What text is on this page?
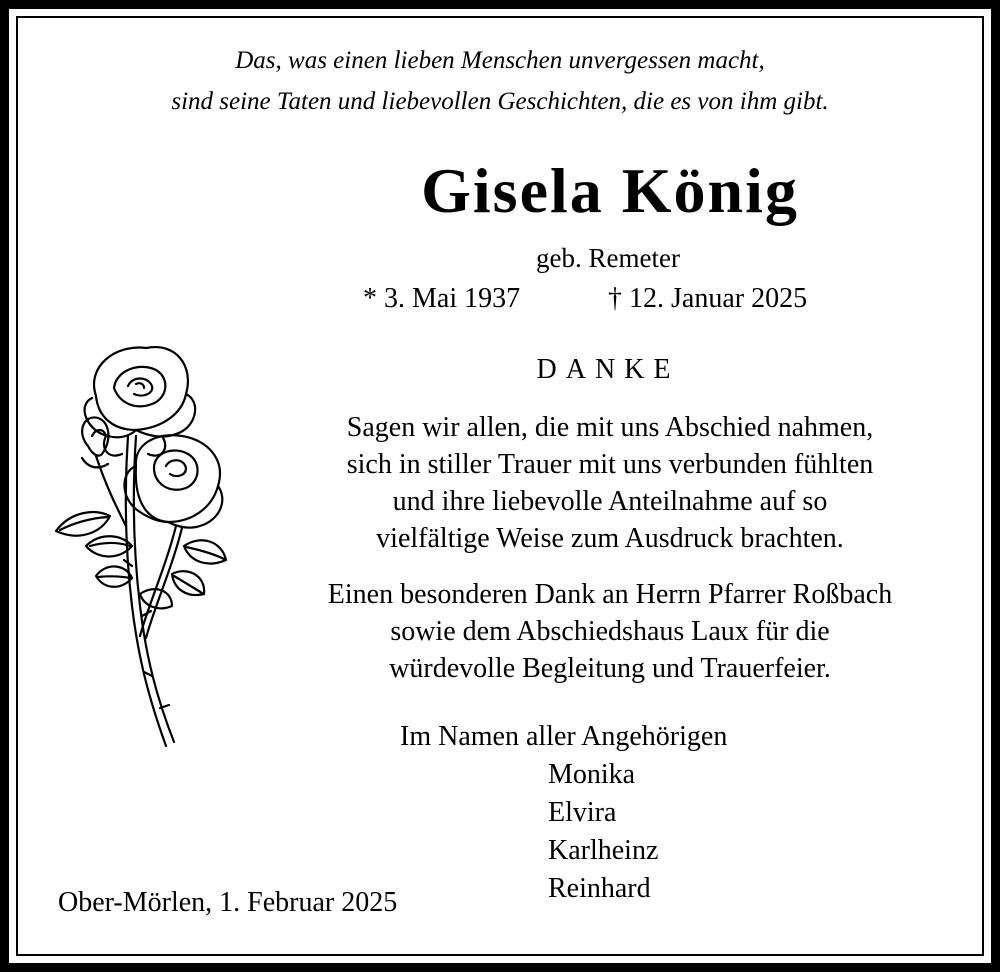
Das, was einen lieben Menschen unvergessen macht,
sind seine Taten und liebevollen Geschichten, die es von ihm gibt.
Gisela König
geb. Remeter
* 3. Mai 1937	† 12. Januar 2025
DANKE
Sagen wir allen, die mit uns Abschied nahmen,
sich in stiller Trauer mit uns verbunden fühlten
und ihre liebevolle Anteilnahme auf so
vielfältige Weise zum Ausdruck brachten.
Einen besonderen Dank an Herrn Pfarrer Roßbach
sowie dem Abschiedshaus Laux für die
würdevolle Begleitung und Trauerfeier.
Im Namen aller Angehörigen
Monika
Elvira
Karlheinz
Reinhard
Ober-Mörlen, 1. Februar 2025
